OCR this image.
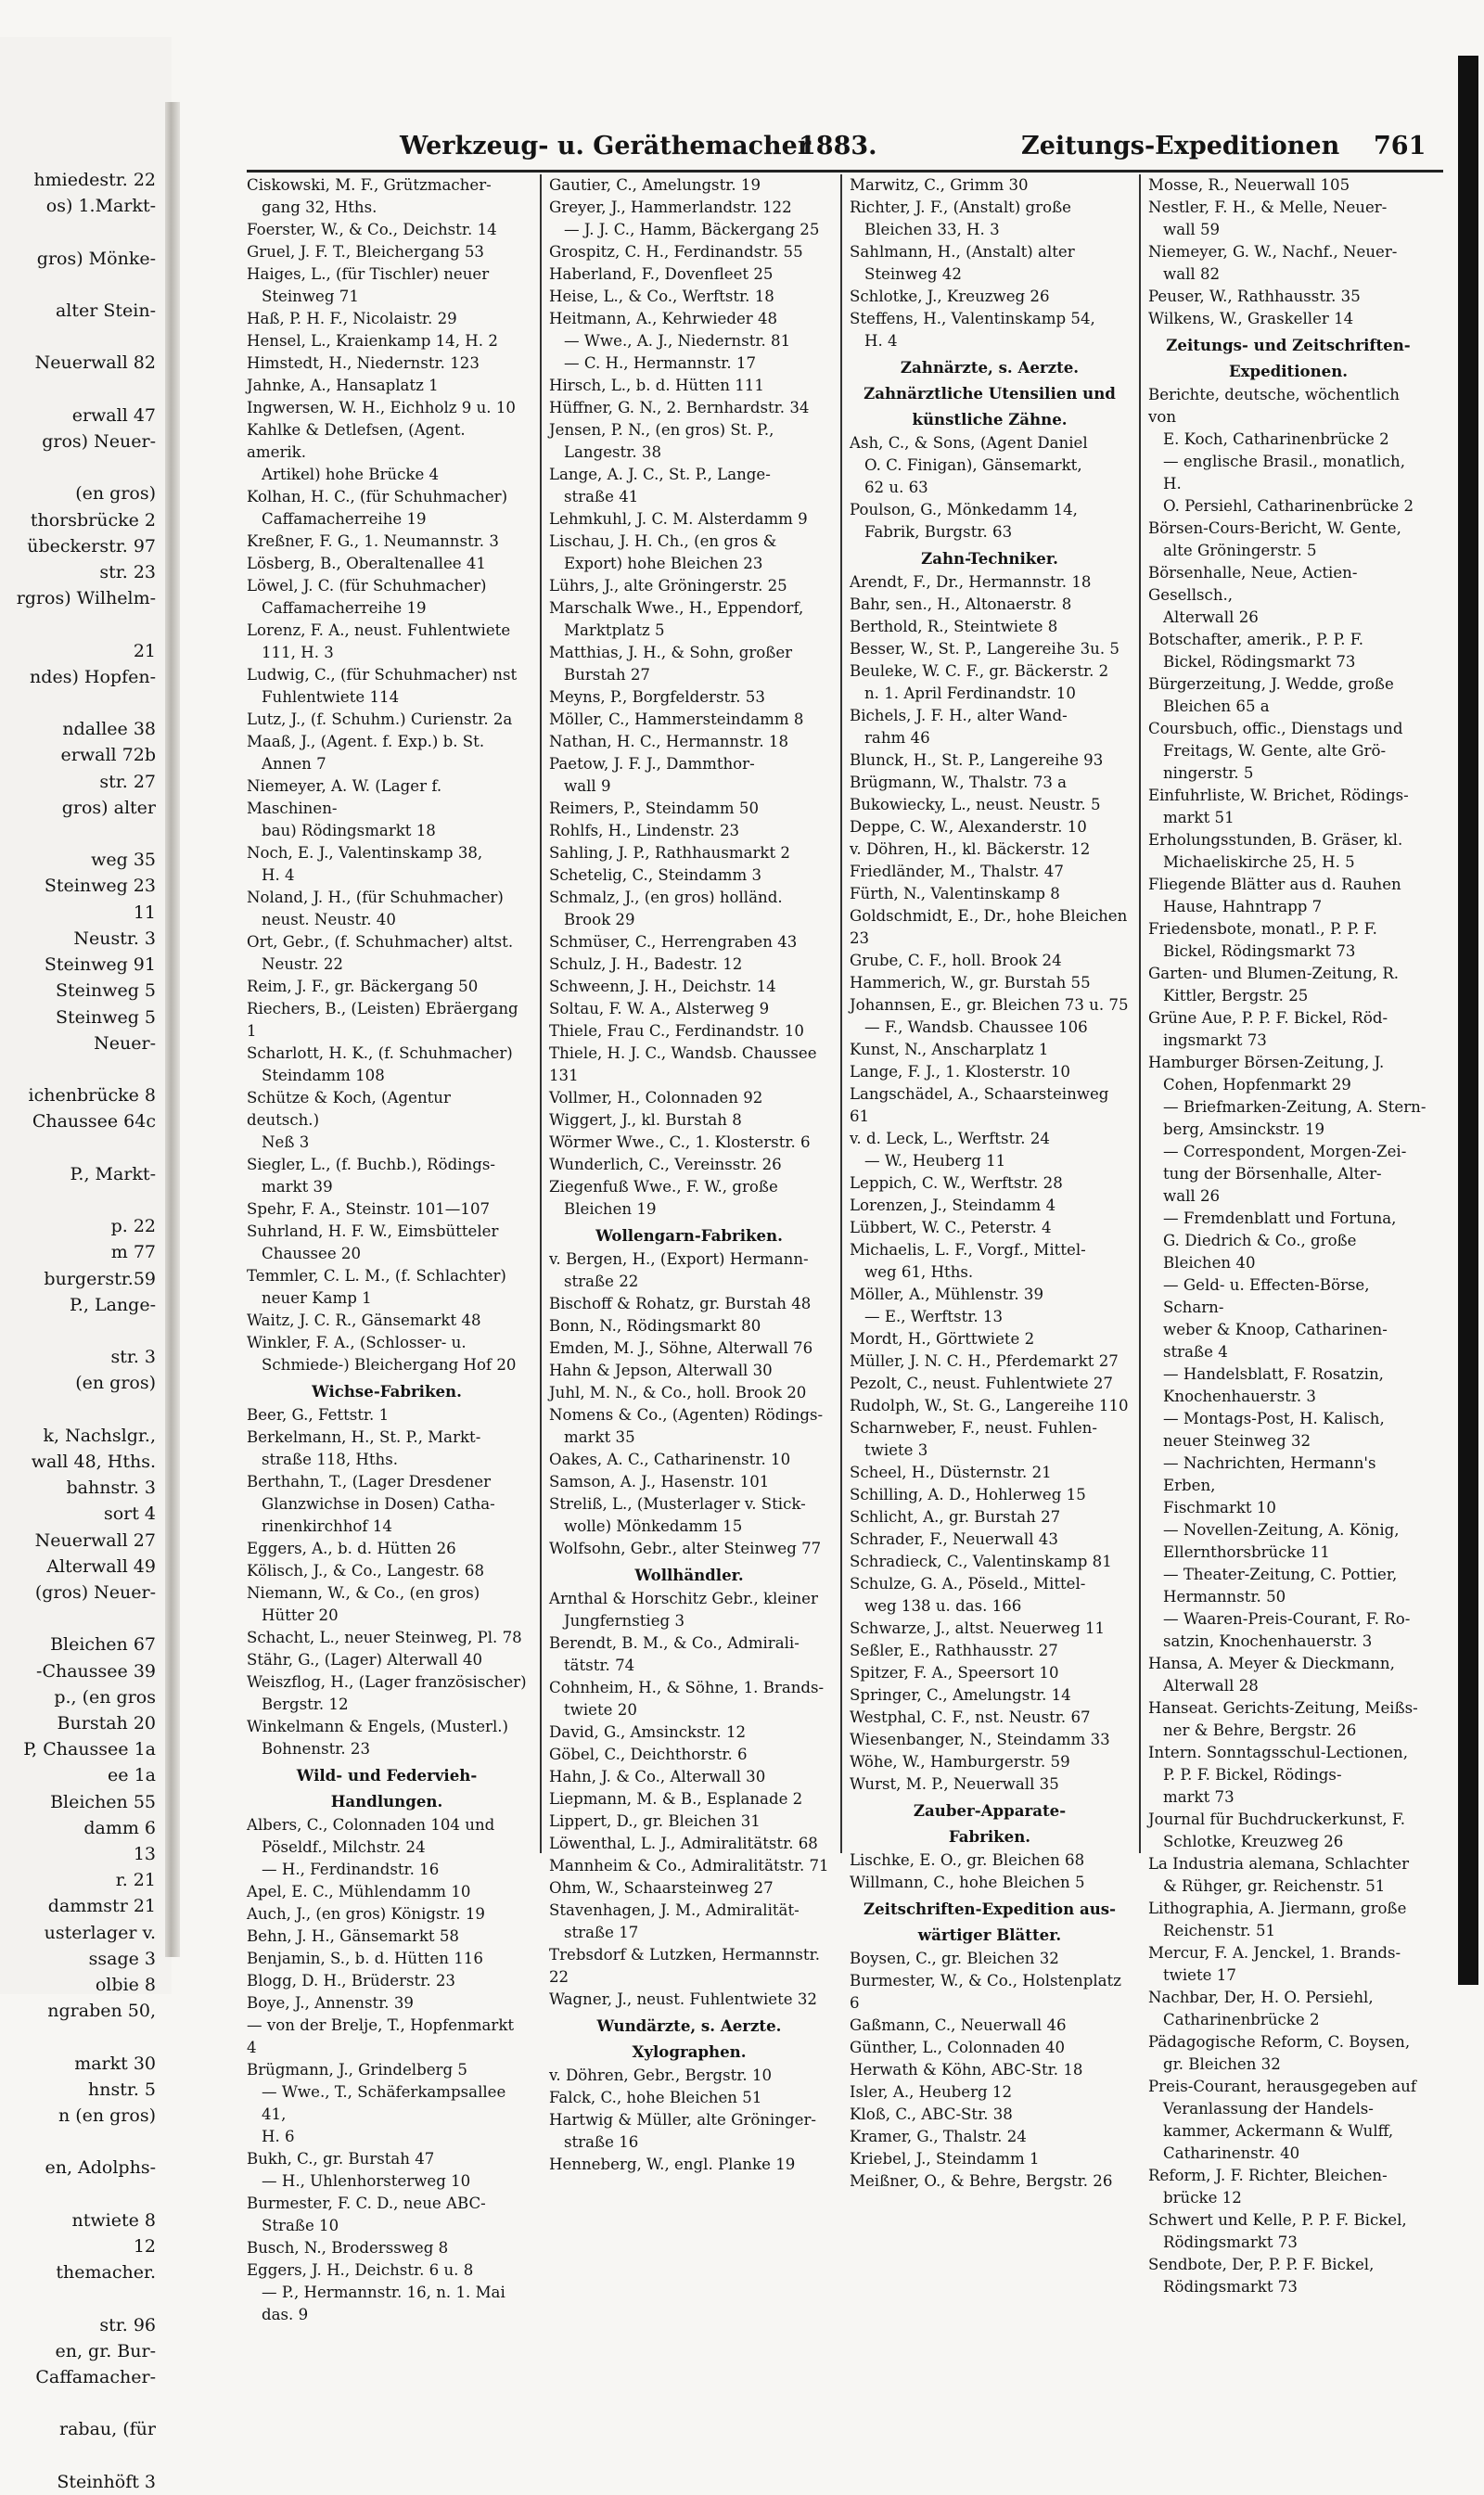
hmiedestr. 22
os) 1.Markt-

gros) Mönke-

alter Stein-

Neuerwall 82

erwall 47
gros) Neuer-

(en gros)
thorsbrücke 2
übeckerstr. 97
str. 23
rgros) Wilhelm-

21
ndes) Hopfen-

ndallee 38
erwall 72b
str. 27
gros) alter

weg 35
Steinweg 23
11
Neustr. 3
Steinweg 91
Steinweg 5
Steinweg 5
Neuer-

ichenbrücke 8
Chaussee 64c

P., Markt-

p. 22
m 77
burgerstr.59
P., Lange-

str. 3
(en gros)

k, Nachslgr.,
wall 48, Hths.
bahnstr. 3
sort 4
Neuerwall 27
Alterwall 49
(gros) Neuer-

Bleichen 67
-Chaussee 39
p., (en gros
Burstah 20
P, Chaussee 1a
ee 1a
Bleichen 55
damm 6
13
r. 21
dammstr 21
usterlager v.
ssage 3
olbie 8
ngraben 50,

markt 30
hnstr. 5
n (en gros)

en, Adolphs-

ntwiete 8
12
themacher.

str. 96
en, gr. Bur-
Caffamacher-

rabau, (für

Steinhöft 3
Werkzeug- u. Geräthemacher
1883.	Zeitungs-Expeditionen 761
Ciskowski, M. F., Grützmacher-
gang 32, Hths.
Foerster, W., & Co., Deichstr. 14
Gruel, J. F. T., Bleichergang 53
Haiges, L., (für Tischler) neuer
Steinweg 71
Haß, P. H. F., Nicolaistr. 29
Hensel, L., Kraienkamp 14, H. 2
Himstedt, H., Niedernstr. 123
Jahnke, A., Hansaplatz 1
Ingwersen, W. H., Eichholz 9 u. 10
Kahlke & Detlefsen, (Agent. amerik.
Artikel) hohe Brücke 4
Kolhan, H. C., (für Schuhmacher)
Caffamacherreihe 19
Kreßner, F. G., 1. Neumannstr. 3
Lösberg, B., Oberaltenallee 41
Löwel, J. C. (für Schuhmacher)
Caffamacherreihe 19
Lorenz, F. A., neust. Fuhlentwiete
111, H. 3
Ludwig, C., (für Schuhmacher) nst
Fuhlentwiete 114
Lutz, J., (f. Schuhm.) Curienstr. 2a
Maaß, J., (Agent. f. Exp.) b. St.
Annen 7
Niemeyer, A. W. (Lager f. Maschinen-
bau) Rödingsmarkt 18
Noch, E. J., Valentinskamp 38,
H. 4
Noland, J. H., (für Schuhmacher)
neust. Neustr. 40
Ort, Gebr., (f. Schuhmacher) altst.
Neustr. 22
Reim, J. F., gr. Bäckergang 50
Riechers, B., (Leisten) Ebräergang 1
Scharlott, H. K., (f. Schuhmacher)
Steindamm 108
Schütze & Koch, (Agentur deutsch.)
Neß 3
Siegler, L., (f. Buchb.), Rödings-
markt 39
Spehr, F. A., Steinstr. 101—107
Suhrland, H. F. W., Eimsbütteler
Chaussee 20
Temmler, C. L. M., (f. Schlachter)
neuer Kamp 1
Waitz, J. C. R., Gänsemarkt 48
Winkler, F. A., (Schlosser- u.
Schmiede-) Bleichergang Hof 20
Wichse-Fabriken.
Beer, G., Fettstr. 1
Berkelmann, H., St. P., Markt-
straße 118, Hths.
Berthahn, T., (Lager Dresdener
Glanzwichse in Dosen) Catha-
rinenkirchhof 14
Eggers, A., b. d. Hütten 26
Kölisch, J., & Co., Langestr. 68
Niemann, W., & Co., (en gros)
Hütter 20
Schacht, L., neuer Steinweg, Pl. 78
Stähr, G., (Lager) Alterwall 40
Weiszflog, H., (Lager französischer)
Bergstr. 12
Winkelmann & Engels, (Musterl.)
Bohnenstr. 23
Wild- und Federvieh-
Handlungen.
Albers, C., Colonnaden 104 und
Pöseldf., Milchstr. 24
— H., Ferdinandstr. 16
Apel, E. C., Mühlendamm 10
Auch, J., (en gros) Königstr. 19
Behn, J. H., Gänsemarkt 58
Benjamin, S., b. d. Hütten 116
Blogg, D. H., Brüderstr. 23
Boye, J., Annenstr. 39
— von der Brelje, T., Hopfenmarkt 4
Brügmann, J., Grindelberg 5
— Wwe., T., Schäferkampsallee 41,
H. 6
Bukh, C., gr. Burstah 47
— H., Uhlenhorsterweg 10
Burmester, F. C. D., neue ABC-
Straße 10
Busch, N., Broderssweg 8
Eggers, J. H., Deichstr. 6 u. 8
— P., Hermannstr. 16, n. 1. Mai
das. 9
Gautier, C., Amelungstr. 19
Greyer, J., Hammerlandstr. 122
— J. J. C., Hamm, Bäckergang 25
Grospitz, C. H., Ferdinandstr. 55
Haberland, F., Dovenfleet 25
Heise, L., & Co., Werftstr. 18
Heitmann, A., Kehrwieder 48
— Wwe., A. J., Niedernstr. 81
— C. H., Hermannstr. 17
Hirsch, L., b. d. Hütten 111
Hüffner, G. N., 2. Bernhardstr. 34
Jensen, P. N., (en gros) St. P.,
Langestr. 38
Lange, A. J. C., St. P., Lange-
straße 41
Lehmkuhl, J. C. M. Alsterdamm 9
Lischau, J. H. Ch., (en gros &
Export) hohe Bleichen 23
Lührs, J., alte Gröningerstr. 25
Marschalk Wwe., H., Eppendorf,
Marktplatz 5
Matthias, J. H., & Sohn, großer
Burstah 27
Meyns, P., Borgfelderstr. 53
Möller, C., Hammersteindamm 8
Nathan, H. C., Hermannstr. 18
Paetow, J. F. J., Dammthor-
wall 9
Reimers, P., Steindamm 50
Rohlfs, H., Lindenstr. 23
Sahling, J. P., Rathhausmarkt 2
Schetelig, C., Steindamm 3
Schmalz, J., (en gros) holländ.
Brook 29
Schmüser, C., Herrengraben 43
Schulz, J. H., Badestr. 12
Schweenn, J. H., Deichstr. 14
Soltau, F. W. A., Alsterweg 9
Thiele, Frau C., Ferdinandstr. 10
Thiele, H. J. C., Wandsb. Chaussee 131
Vollmer, H., Colonnaden 92
Wiggert, J., kl. Burstah 8
Wörmer Wwe., C., 1. Klosterstr. 6
Wunderlich, C., Vereinsstr. 26
Ziegenfuß Wwe., F. W., große
Bleichen 19
Wollengarn-Fabriken.
v. Bergen, H., (Export) Hermann-
straße 22
Bischoff & Rohatz, gr. Burstah 48
Bonn, N., Rödingsmarkt 80
Emden, M. J., Söhne, Alterwall 76
Hahn & Jepson, Alterwall 30
Juhl, M. N., & Co., holl. Brook 20
Nomens & Co., (Agenten) Rödings-
markt 35
Oakes, A. C., Catharinenstr. 10
Samson, A. J., Hasenstr. 101
Streliß, L., (Musterlager v. Stick-
wolle) Mönkedamm 15
Wolfsohn, Gebr., alter Steinweg 77
Wollhändler.
Arnthal & Horschitz Gebr., kleiner
Jungfernstieg 3
Berendt, B. M., & Co., Admirali-
tätstr. 74
Cohnheim, H., & Söhne, 1. Brands-
twiete 20
David, G., Amsinckstr. 12
Göbel, C., Deichthorstr. 6
Hahn, J. & Co., Alterwall 30
Liepmann, M. & B., Esplanade 2
Lippert, D., gr. Bleichen 31
Löwenthal, L. J., Admiralitätstr. 68
Mannheim & Co., Admiralitätstr. 71
Ohm, W., Schaarsteinweg 27
Stavenhagen, J. M., Admiralität-
straße 17
Trebsdorf & Lutzken, Hermannstr. 22
Wagner, J., neust. Fuhlentwiete 32
Wundärzte, s. Aerzte.
Xylographen.
v. Döhren, Gebr., Bergstr. 10
Falck, C., hohe Bleichen 51
Hartwig & Müller, alte Gröninger-
straße 16
Henneberg, W., engl. Planke 19
Marwitz, C., Grimm 30
Richter, J. F., (Anstalt) große
Bleichen 33, H. 3
Sahlmann, H., (Anstalt) alter
Steinweg 42
Schlotke, J., Kreuzweg 26
Steffens, H., Valentinskamp 54,
H. 4
Zahnärzte, s. Aerzte.
Zahnärztliche Utensilien und
künstliche Zähne.
Ash, C., & Sons, (Agent Daniel
O. C. Finigan), Gänsemarkt,
62 u. 63
Poulson, G., Mönkedamm 14,
Fabrik, Burgstr. 63
Zahn-Techniker.
Arendt, F., Dr., Hermannstr. 18
Bahr, sen., H., Altonaerstr. 8
Berthold, R., Steintwiete 8
Besser, W., St. P., Langereihe 3u. 5
Beuleke, W. C. F., gr. Bäckerstr. 2
n. 1. April Ferdinandstr. 10
Bichels, J. F. H., alter Wand-
rahm 46
Blunck, H., St. P., Langereihe 93
Brügmann, W., Thalstr. 73 a
Bukowiecky, L., neust. Neustr. 5
Deppe, C. W., Alexanderstr. 10
v. Döhren, H., kl. Bäckerstr. 12
Friedländer, M., Thalstr. 47
Fürth, N., Valentinskamp 8
Goldschmidt, E., Dr., hohe Bleichen 23
Grube, C. F., holl. Brook 24
Hammerich, W., gr. Burstah 55
Johannsen, E., gr. Bleichen 73 u. 75
— F., Wandsb. Chaussee 106
Kunst, N., Anscharplatz 1
Lange, F. J., 1. Klosterstr. 10
Langschädel, A., Schaarsteinweg 61
v. d. Leck, L., Werftstr. 24
— W., Heuberg 11
Leppich, C. W., Werftstr. 28
Lorenzen, J., Steindamm 4
Lübbert, W. C., Peterstr. 4
Michaelis, L. F., Vorgf., Mittel-
weg 61, Hths.
Möller, A., Mühlenstr. 39
— E., Werftstr. 13
Mordt, H., Görttwiete 2
Müller, J. N. C. H., Pferdemarkt 27
Pezolt, C., neust. Fuhlentwiete 27
Rudolph, W., St. G., Langereihe 110
Scharnweber, F., neust. Fuhlen-
twiete 3
Scheel, H., Düsternstr. 21
Schilling, A. D., Hohlerweg 15
Schlicht, A., gr. Burstah 27
Schrader, F., Neuerwall 43
Schradieck, C., Valentinskamp 81
Schulze, G. A., Pöseld., Mittel-
weg 138 u. das. 166
Schwarze, J., altst. Neuerweg 11
Seßler, E., Rathhausstr. 27
Spitzer, F. A., Speersort 10
Springer, C., Amelungstr. 14
Westphal, C. F., nst. Neustr. 67
Wiesenbanger, N., Steindamm 33
Wöhe, W., Hamburgerstr. 59
Wurst, M. P., Neuerwall 35
Zauber-Apparate-
Fabriken.
Lischke, E. O., gr. Bleichen 68
Willmann, C., hohe Bleichen 5
Zeitschriften-Expedition aus-
wärtiger Blätter.
Boysen, C., gr. Bleichen 32
Burmester, W., & Co., Holstenplatz 6
Gaßmann, C., Neuerwall 46
Günther, L., Colonnaden 40
Herwath & Köhn, ABC-Str. 18
Isler, A., Heuberg 12
Kloß, C., ABC-Str. 38
Kramer, G., Thalstr. 24
Kriebel, J., Steindamm 1
Meißner, O., & Behre, Bergstr. 26
Mosse, R., Neuerwall 105
Nestler, F. H., & Melle, Neuer-
wall 59
Niemeyer, G. W., Nachf., Neuer-
wall 82
Peuser, W., Rathhausstr. 35
Wilkens, W., Graskeller 14
Zeitungs- und Zeitschriften-
Expeditionen.
Berichte, deutsche, wöchentlich von
E. Koch, Catharinenbrücke 2
— englische Brasil., monatlich, H.
O. Persiehl, Catharinenbrücke 2
Börsen-Cours-Bericht, W. Gente,
alte Gröningerstr. 5
Börsenhalle, Neue, Actien-Gesellsch.,
Alterwall 26
Botschafter, amerik., P. P. F.
Bickel, Rödingsmarkt 73
Bürgerzeitung, J. Wedde, große
Bleichen 65 a
Coursbuch, offic., Dienstags und
Freitags, W. Gente, alte Grö-
ningerstr. 5
Einfuhrliste, W. Brichet, Rödings-
markt 51
Erholungsstunden, B. Gräser, kl.
Michaeliskirche 25, H. 5
Fliegende Blätter aus d. Rauhen
Hause, Hahntrapp 7
Friedensbote, monatl., P. P. F.
Bickel, Rödingsmarkt 73
Garten- und Blumen-Zeitung, R.
Kittler, Bergstr. 25
Grüne Aue, P. P. F. Bickel, Röd-
ingsmarkt 73
Hamburger Börsen-Zeitung, J.
Cohen, Hopfenmarkt 29
— Briefmarken-Zeitung, A. Stern-
berg, Amsinckstr. 19
— Correspondent, Morgen-Zei-
tung der Börsenhalle, Alter-
wall 26
— Fremdenblatt und Fortuna,
G. Diedrich & Co., große
Bleichen 40
— Geld- u. Effecten-Börse, Scharn-
weber & Knoop, Catharinen-
straße 4
— Handelsblatt, F. Rosatzin,
Knochenhauerstr. 3
— Montags-Post, H. Kalisch,
neuer Steinweg 32
— Nachrichten, Hermann's Erben,
Fischmarkt 10
— Novellen-Zeitung, A. König,
Ellernthorsbrücke 11
— Theater-Zeitung, C. Pottier,
Hermannstr. 50
— Waaren-Preis-Courant, F. Ro-
satzin, Knochenhauerstr. 3
Hansa, A. Meyer & Dieckmann,
Alterwall 28
Hanseat. Gerichts-Zeitung, Meißs-
ner & Behre, Bergstr. 26
Intern. Sonntagsschul-Lectionen,
P. P. F. Bickel, Rödings-
markt 73
Journal für Buchdruckerkunst, F.
Schlotke, Kreuzweg 26
La Industria alemana, Schlachter
& Rühger, gr. Reichenstr. 51
Lithographia, A. Jiermann, große
Reichenstr. 51
Mercur, F. A. Jenckel, 1. Brands-
twiete 17
Nachbar, Der, H. O. Persiehl,
Catharinenbrücke 2
Pädagogische Reform, C. Boysen,
gr. Bleichen 32
Preis-Courant, herausgegeben auf
Veranlassung der Handels-
kammer, Ackermann & Wulff,
Catharinenstr. 40
Reform, J. F. Richter, Bleichen-
brücke 12
Schwert und Kelle, P. P. F. Bickel,
Rödingsmarkt 73
Sendbote, Der, P. P. F. Bickel,
Rödingsmarkt 73
